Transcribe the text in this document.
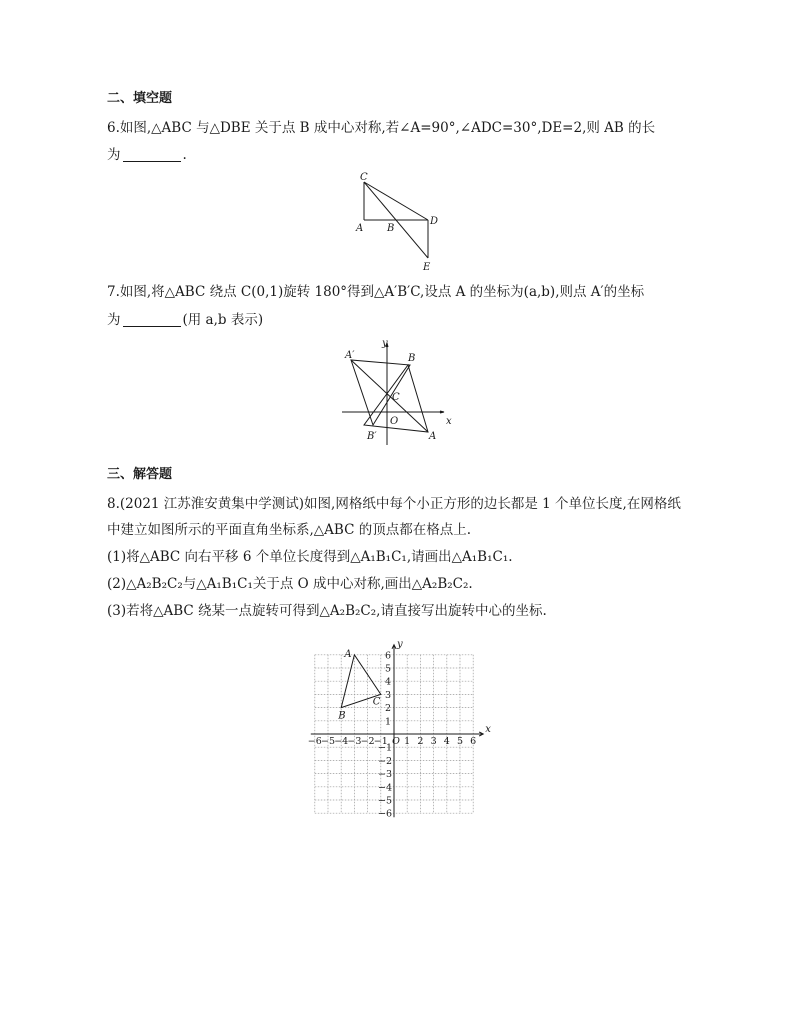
二、填空题
6.如图,△ABC 与△DBE 关于点 B 成中心对称,若∠A=90°,∠ADC=30°,DE=2,则 AB 的长
为	.
C
A B
D
E
7.如图,将△ABC 绕点 C(0,1)旋转 180°得到△A′B′C,设点 A 的坐标为(a,b),则点 A′的坐标
为	(用 a,b 表示)
A′	B
C
O
B′	A
x
y
三、解答题
8.(2021 江苏淮安黄集中学测试)如图,网格纸中每个小正方形的边长都是 1 个单位长度,在网格纸
中建立如图所示的平面直角坐标系,△ABC 的顶点都在格点上.
(1)将△ABC 向右平移 6 个单位长度得到△A₁B₁C₁,请画出△A₁B₁C₁.
(2)△A₂B₂C₂与△A₁B₁C₁关于点 O 成中心对称,画出△A₂B₂C₂.
(3)若将△ABC 绕某一点旋转可得到△A₂B₂C₂,请直接写出旋转中心的坐标.
−6 −5 −4 −3 −2 −1 O 1 2 3 4 5 6
6
5
4
3
2
1
−1
−2
−3
−4
−5
−6
x
y
A
B
C
